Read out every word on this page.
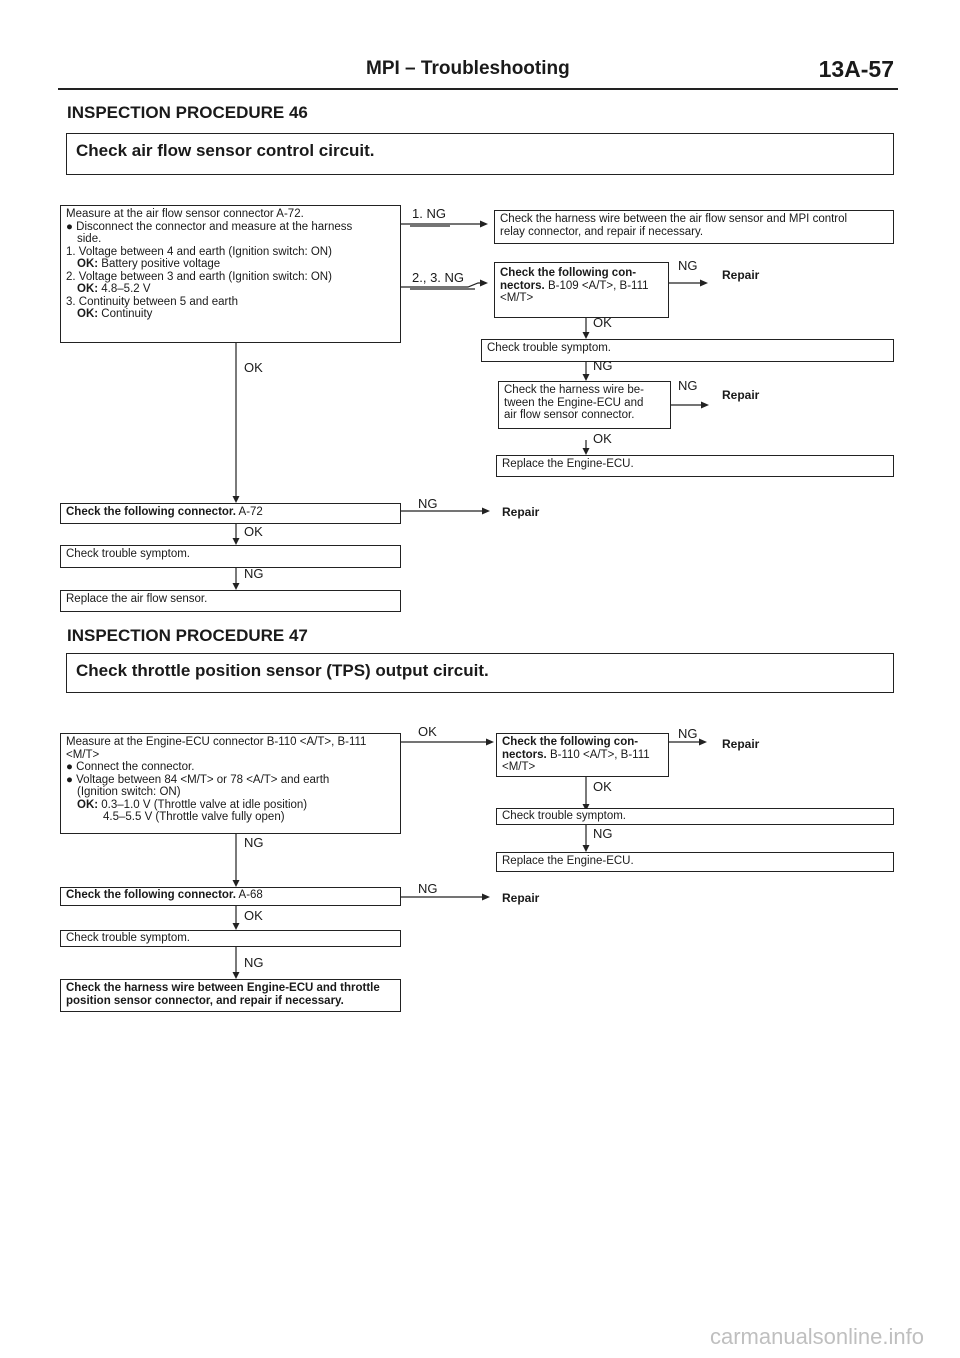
MPI – Troubleshooting	13A-57
INSPECTION PROCEDURE 46
Check air flow sensor control circuit.
Measure at the air flow sensor connector A-72.
● Disconnect the connector and measure at the harness
side.
1. Voltage between 4 and earth (Ignition switch: ON)
OK: Battery positive voltage
2. Voltage between 3 and earth (Ignition switch: ON)
OK: 4.8–5.2 V
3. Continuity between 5 and earth
OK: Continuity
1. NG
2., 3. NG
Check the harness wire between the air flow sensor and MPI control
relay connector, and repair if necessary.
Check the following con-
nectors. B-109 <A/T>, B-111
<M/T>
NG
Repair
OK
Check trouble symptom.
NG
Check the harness wire be-
tween the Engine-ECU and
air flow sensor connector.
NG
Repair
OK
Replace the Engine-ECU.
OK
Check the following connector. A-72
NG
Repair
OK
Check trouble symptom.
NG
Replace the air flow sensor.
INSPECTION PROCEDURE 47
Check throttle position sensor (TPS) output circuit.
Measure at the Engine-ECU connector B-110 <A/T>, B-111
<M/T>
● Connect the connector.
● Voltage between 84 <M/T> or 78 <A/T> and earth
(Ignition switch: ON)
OK: 0.3–1.0 V (Throttle valve at idle position)
4.5–5.5 V (Throttle valve fully open)
OK
NG
Check the following con-
nectors. B-110 <A/T>, B-111
<M/T>
NG
Repair
OK
Check trouble symptom.
NG
Replace the Engine-ECU.
Check the following connector. A-68	NG
Repair
OK
Check trouble symptom.
NG
Check the harness wire between Engine-ECU and throttle
position sensor connector, and repair if necessary.
carmanualsonline.info
